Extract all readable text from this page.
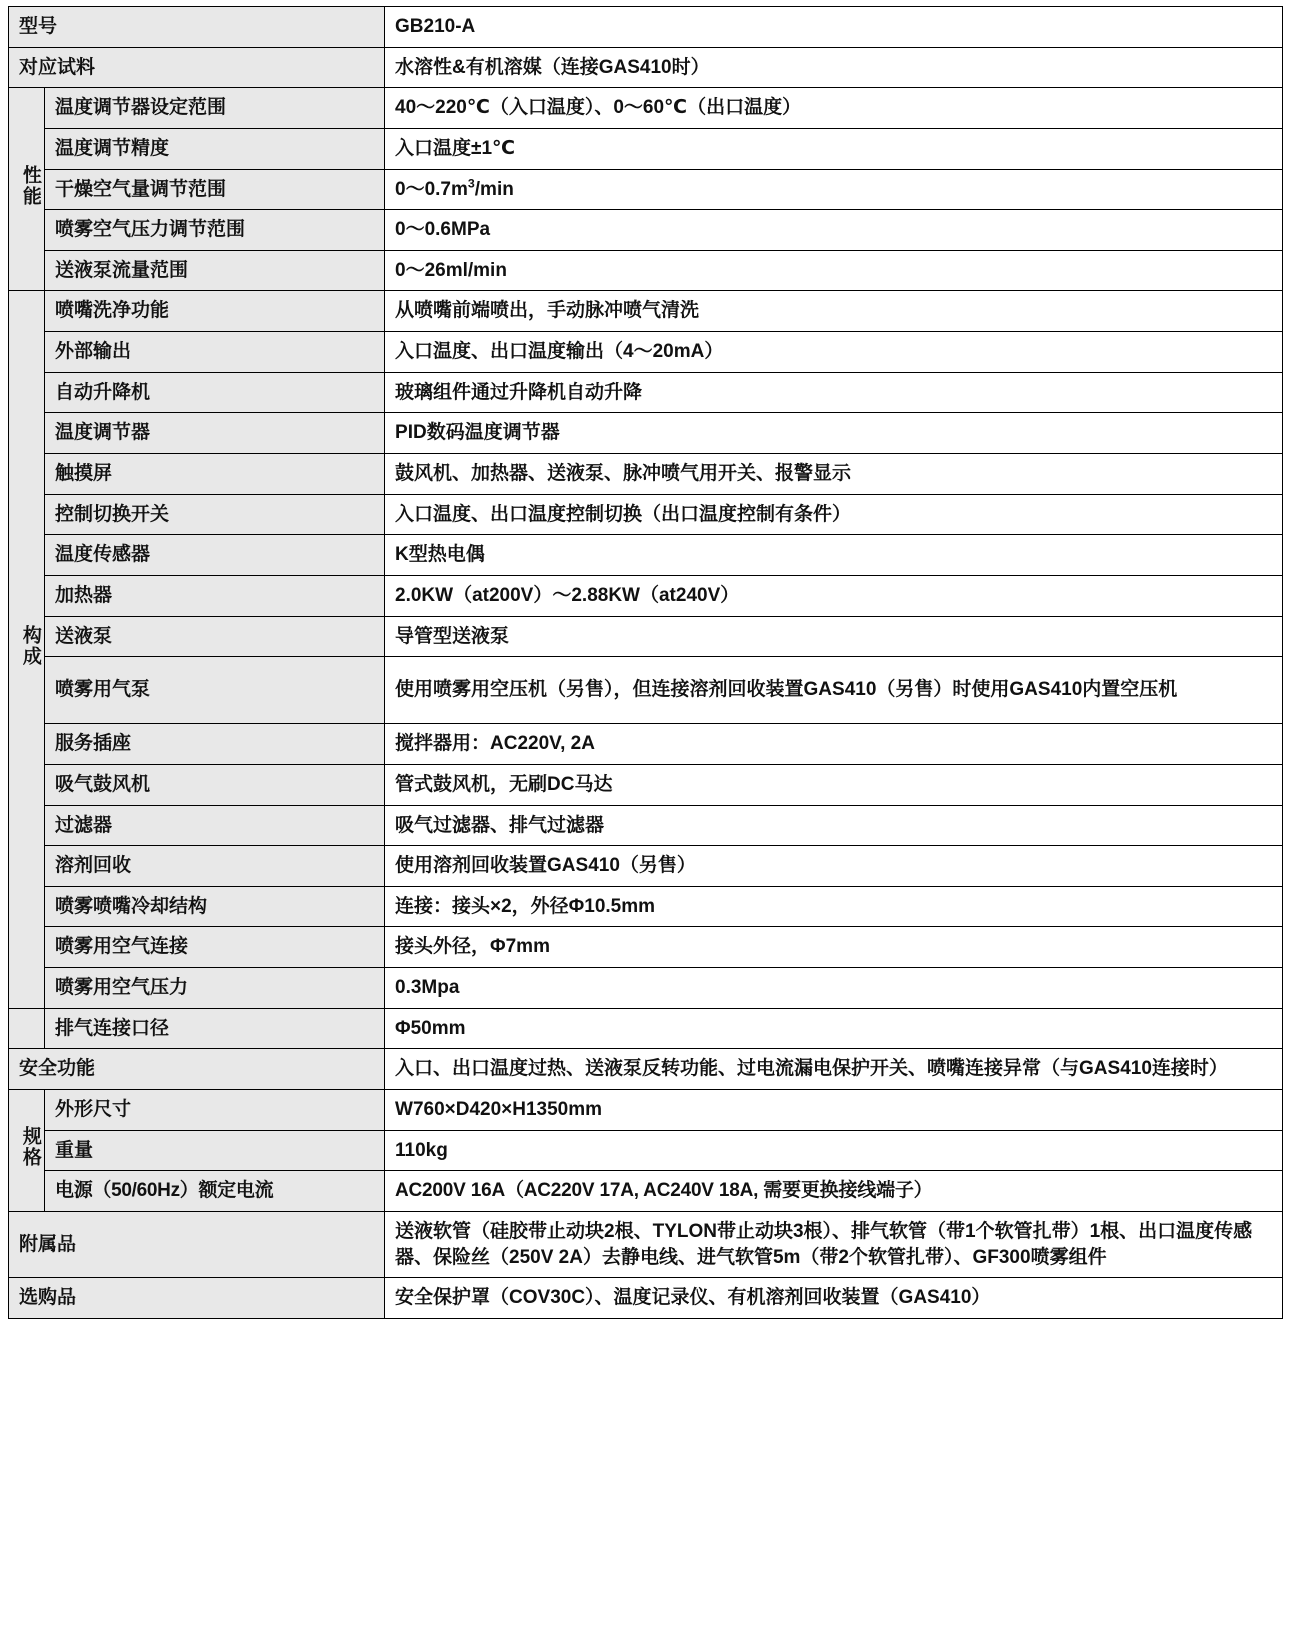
型号		GB210-A
对应试料		水溶性&有机溶媒（连接GAS410时）
性能	温度调节器设定范围	40～220℃（入口温度）、0～60℃（出口温度）
	温度调节精度	入口温度±1℃
	干燥空气量调节范围	$0\sim 0.7m^3/\min$
	喷雾空气压力调节范围	0～0.6MPa
	送液泵流量范围	0～26ml/min
构成	喷嘴洗净功能	从喷嘴前端喷出，手动脉冲喷气清洗
	外部输出	入口温度、出口温度输出（4～20mA）
	自动升降机	玻璃组件通过升降机自动升降
	温度调节器	PID数码温度调节器
	触摸屏	鼓风机、加热器、送液泵、脉冲喷气用开关、报警显示
	控制切换开关	入口温度、出口温度控制切换（出口温度控制有条件）
	温度传感器	K型热电偶
	加热器	2.0KW（at200V）～2.88KW（at240V）
	送液泵	导管型送液泵
	喷雾用气泵	使用喷雾用空压机（另售），但连接溶剂回收装置GAS410（另售）时使用GAS410内置空压机
	服务插座	搅拌器用：AC220V, 2A
	吸气鼓风机	管式鼓风机，无刷DC马达
	过滤器	吸气过滤器、排气过滤器
	溶剂回收	使用溶剂回收装置GAS410（另售）
	喷雾喷嘴冷却结构	连接：接头×2，外径Φ10.5mm
	喷雾用空气连接	接头外径，Φ7mm
	喷雾用空气压力	0.3Mpa
	排气连接口径	Φ50mm
安全功能		入口、出口温度过热、送液泵反转功能、过电流漏电保护开关、喷嘴连接异常（与GAS410连接时）
规格	外形尺寸	W760×D420×H1350mm
	重量	110kg
	电源（50/60Hz）额定电流	AC200V 16A（AC220V 17A, AC240V 18A, 需要更换接线端子）
附属品		送液软管（硅胶带止动块2根、TYLON带止动块3根）、排气软管（带1个软管扎带）1根、出口温度传感器、保险丝（250V 2A）去静电线、进气软管5m（带2个软管扎带）、GF300喷雾组件
选购品		安全保护罩（COV30C）、温度记录仪、有机溶剂回收装置（GAS410）
